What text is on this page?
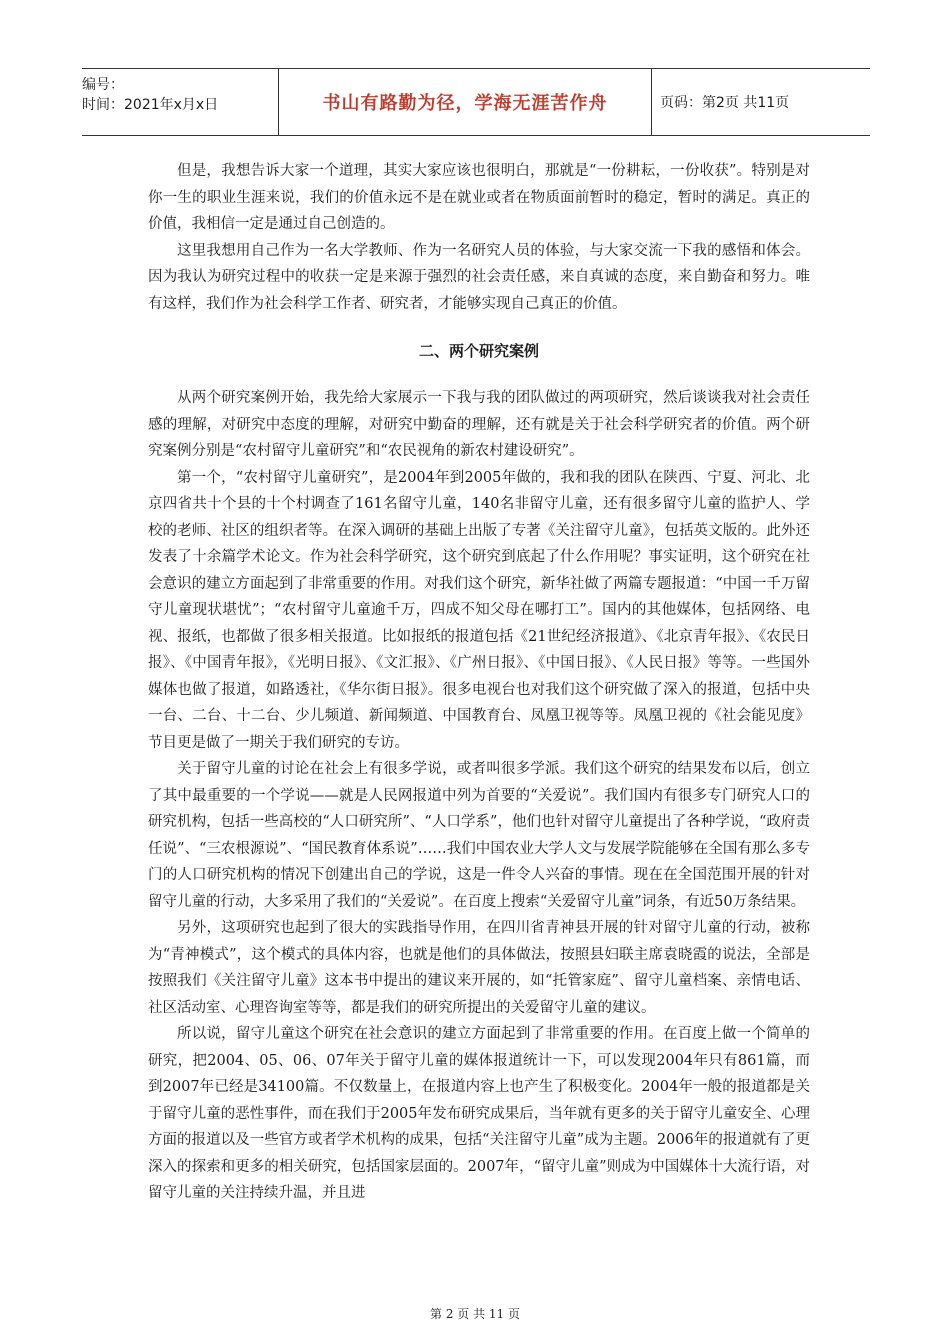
编号：
时间：2021年x月x日	书山有路勤为径，学海无涯苦作舟	页码：第2页 共11页

但是，我想告诉大家一个道理，其实大家应该也很明白，那就是“一份耕耘，一份收获”。特别是对你一生的职业生涯来说，我们的价值永远不是在就业或者在物质面前暂时的稳定，暂时的满足。真正的价值，我相信一定是通过自己创造的。

这里我想用自己作为一名大学教师、作为一名研究人员的体验，与大家交流一下我的感悟和体会。因为我认为研究过程中的收获一定是来源于强烈的社会责任感，来自真诚的态度，来自勤奋和努力。唯有这样，我们作为社会科学工作者、研究者，才能够实现自己真正的价值。

二、两个研究案例

从两个研究案例开始，我先给大家展示一下我与我的团队做过的两项研究，然后谈谈我对社会责任感的理解，对研究中态度的理解，对研究中勤奋的理解，还有就是关于社会科学研究者的价值。两个研究案例分别是“农村留守儿童研究”和“农民视角的新农村建设研究”。

第一个，“农村留守儿童研究”，是2004年到2005年做的，我和我的团队在陕西、宁夏、河北、北京四省共十个县的十个村调查了161名留守儿童，140名非留守儿童，还有很多留守儿童的监护人、学校的老师、社区的组织者等。在深入调研的基础上出版了专著《关注留守儿童》，包括英文版的。此外还发表了十余篇学术论文。作为社会科学研究，这个研究到底起了什么作用呢？事实证明，这个研究在社会意识的建立方面起到了非常重要的作用。对我们这个研究，新华社做了两篇专题报道：“中国一千万留守儿童现状堪忧”；“农村留守儿童逾千万，四成不知父母在哪打工”。国内的其他媒体，包括网络、电视、报纸，也都做了很多相关报道。比如报纸的报道包括《21世纪经济报道》、《北京青年报》、《农民日报》、《中国青年报》，《光明日报》、《文汇报》、《广州日报》、《中国日报》、《人民日报》等等。一些国外媒体也做了报道，如路透社，《华尔街日报》。很多电视台也对我们这个研究做了深入的报道，包括中央一台、二台、十二台、少儿频道、新闻频道、中国教育台、凤凰卫视等等。凤凰卫视的《社会能见度》节目更是做了一期关于我们研究的专访。

关于留守儿童的讨论在社会上有很多学说，或者叫很多学派。我们这个研究的结果发布以后，创立了其中最重要的一个学说——就是人民网报道中列为首要的“关爱说”。我们国内有很多专门研究人口的研究机构，包括一些高校的“人口研究所”、“人口学系”，他们也针对留守儿童提出了各种学说，“政府责任说”、“三农根源说”、“国民教育体系说”……我们中国农业大学人文与发展学院能够在全国有那么多专门的人口研究机构的情况下创建出自己的学说，这是一件令人兴奋的事情。现在在全国范围开展的针对留守儿童的行动，大多采用了我们的“关爱说”。在百度上搜索“关爱留守儿童”词条，有近50万条结果。

另外，这项研究也起到了很大的实践指导作用，在四川省青神县开展的针对留守儿童的行动，被称为“青神模式”，这个模式的具体内容，也就是他们的具体做法，按照县妇联主席袁晓霞的说法，全部是按照我们《关注留守儿童》这本书中提出的建议来开展的，如“托管家庭”、留守儿童档案、亲情电话、社区活动室、心理咨询室等等，都是我们的研究所提出的关爱留守儿童的建议。

所以说，留守儿童这个研究在社会意识的建立方面起到了非常重要的作用。在百度上做一个简单的研究，把2004、05、06、07年关于留守儿童的媒体报道统计一下，可以发现2004年只有861篇，而到2007年已经是34100篇。不仅数量上，在报道内容上也产生了积极变化。2004年一般的报道都是关于留守儿童的恶性事件，而在我们于2005年发布研究成果后，当年就有更多的关于留守儿童安全、心理方面的报道以及一些官方或者学术机构的成果，包括“关注留守儿童”成为主题。2006年的报道就有了更深入的探索和更多的相关研究，包括国家层面的。2007年，“留守儿童”则成为中国媒体十大流行语，对留守儿童的关注持续升温，并且进

第 2 页 共 11 页
